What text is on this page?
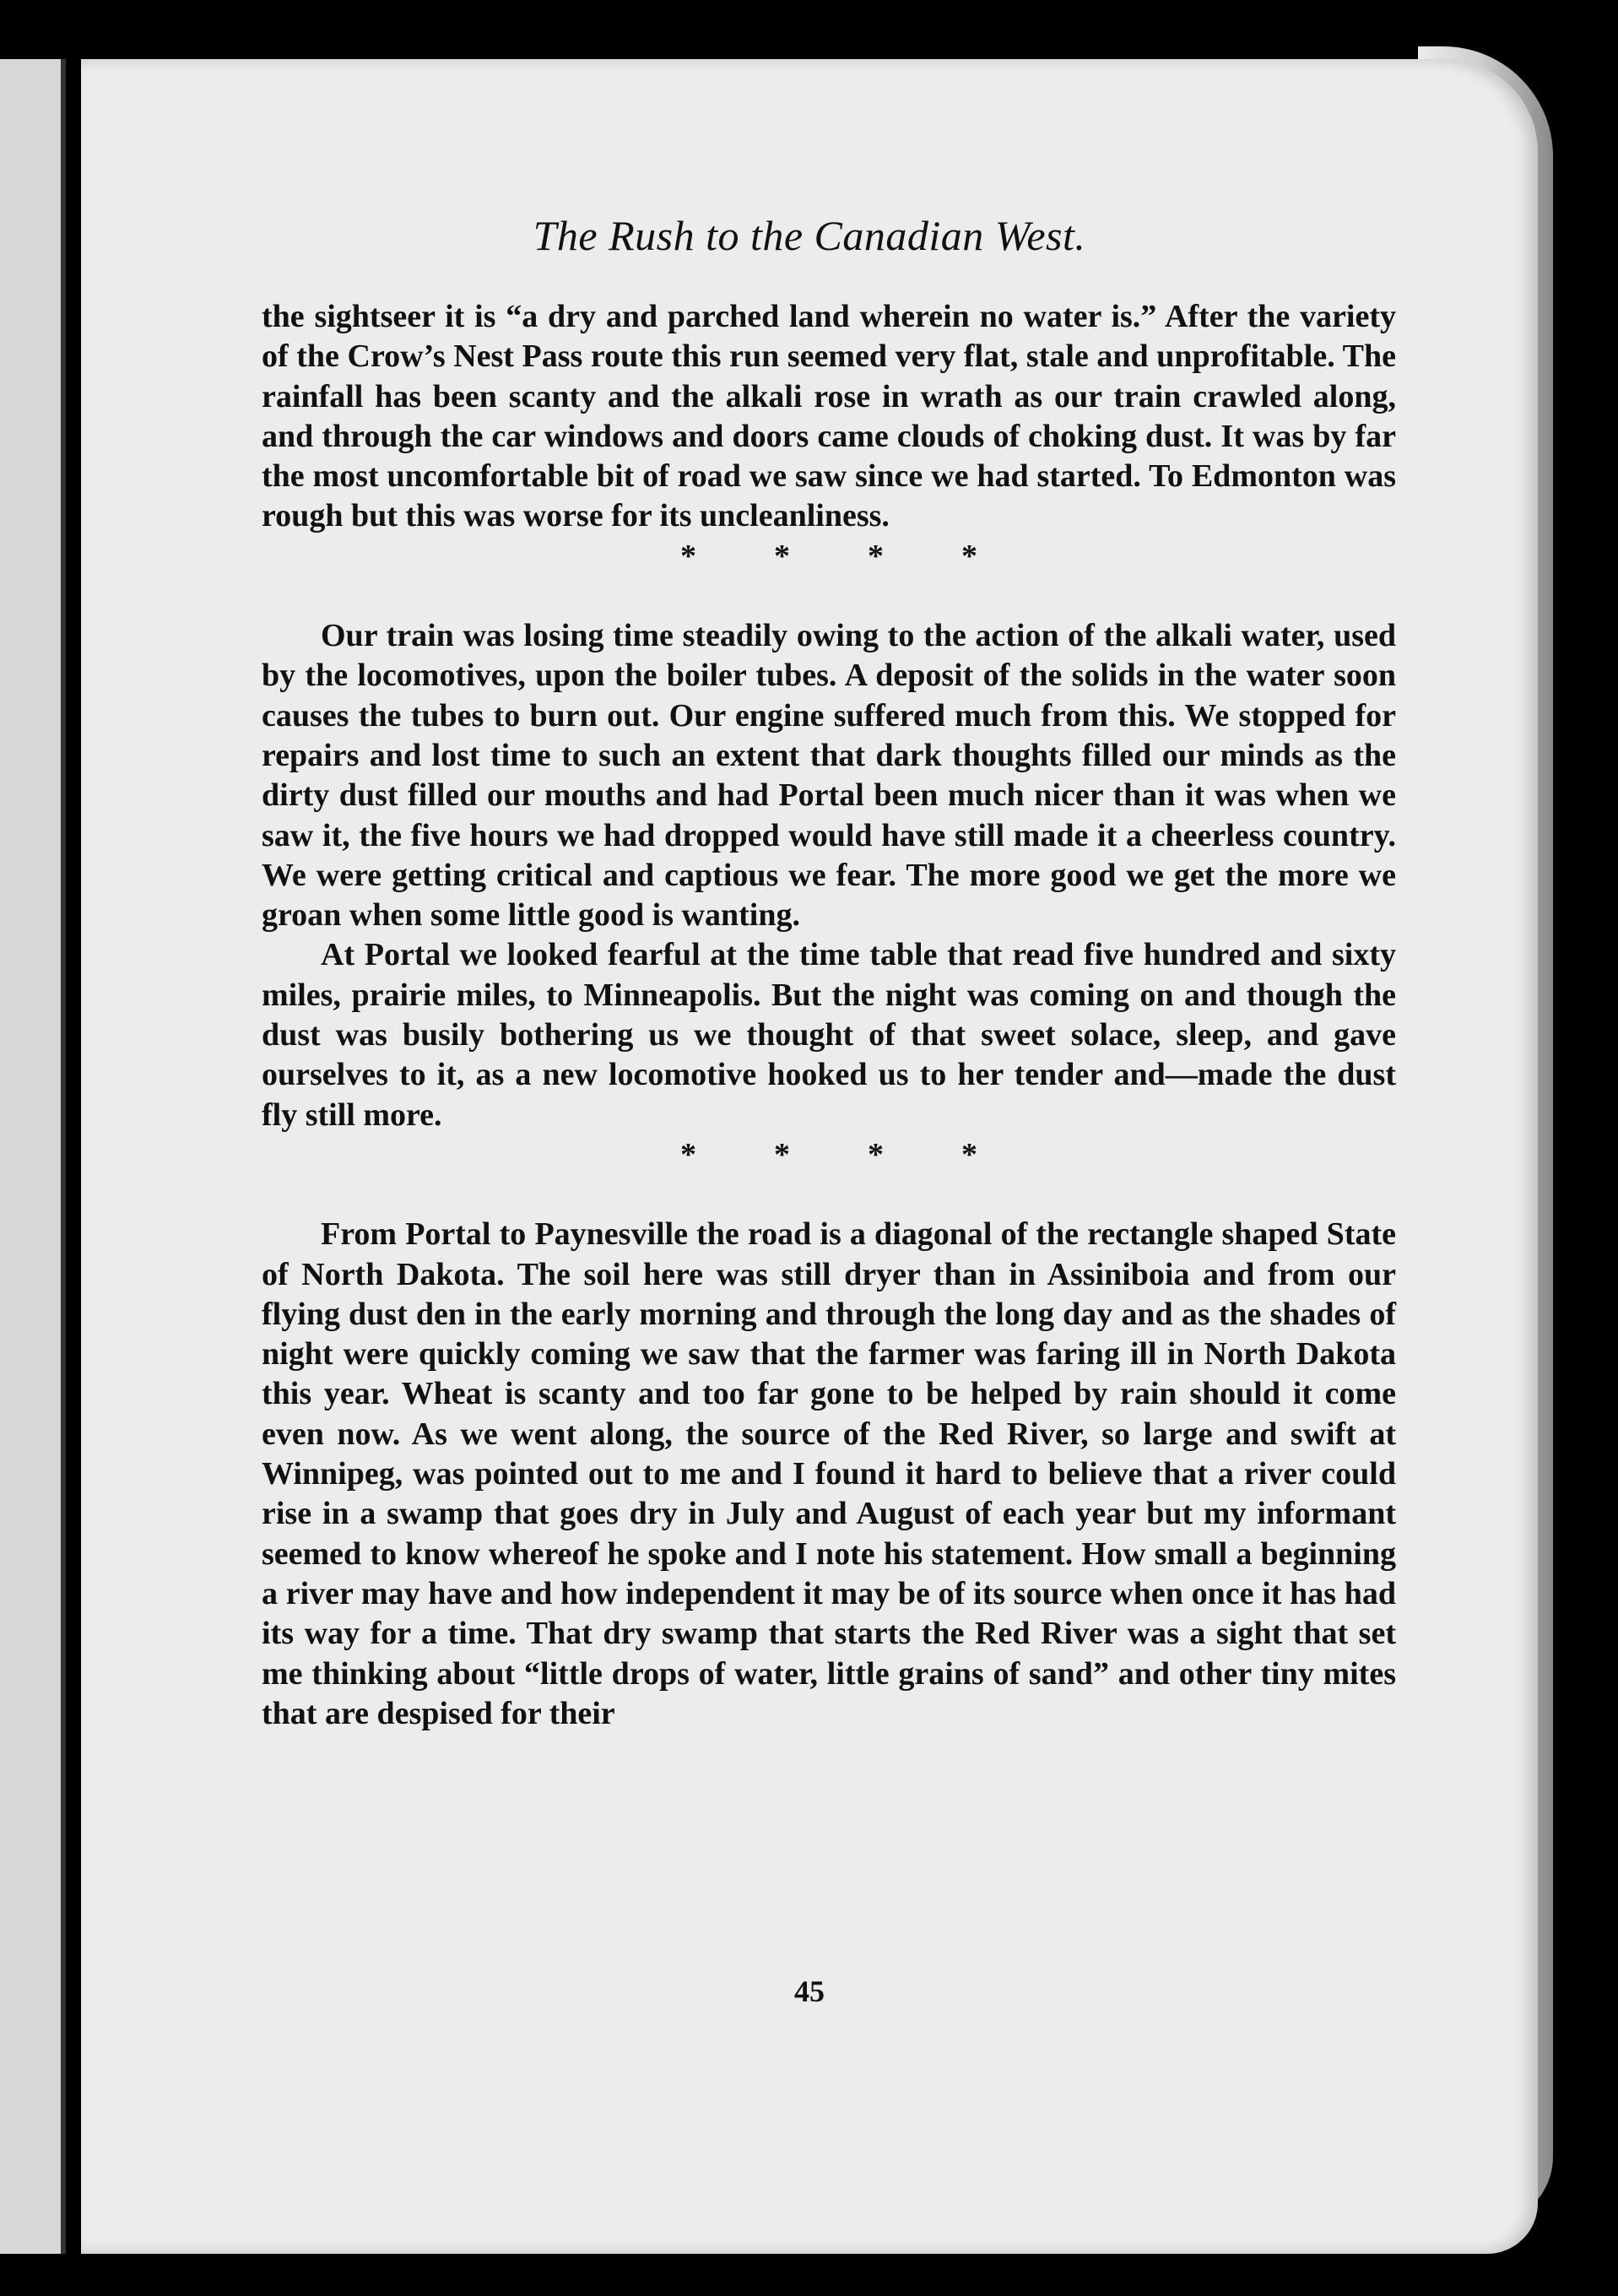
The Rush to the Canadian West.

the sightseer it is “a dry and parched land wherein no water is.” After the variety of the Crow’s Nest Pass route this run seemed very flat, stale and unprofitable. The rainfall has been scanty and the alkali rose in wrath as our train crawled along, and through the car windows and doors came clouds of choking dust. It was by far the most uncomfortable bit of road we saw since we had started. To Edmonton was rough but this was worse for its uncleanliness.

* * * *

Our train was losing time steadily owing to the action of the alkali water, used by the locomotives, upon the boiler tubes. A deposit of the solids in the water soon causes the tubes to burn out. Our engine suffered much from this. We stopped for repairs and lost time to such an extent that dark thoughts filled our minds as the dirty dust filled our mouths and had Portal been much nicer than it was when we saw it, the five hours we had dropped would have still made it a cheerless country. We were getting critical and captious we fear. The more good we get the more we groan when some little good is wanting.

At Portal we looked fearful at the time table that read five hundred and sixty miles, prairie miles, to Minneapolis. But the night was coming on and though the dust was busily bothering us we thought of that sweet solace, sleep, and gave ourselves to it, as a new locomotive hooked us to her tender and—made the dust fly still more.

* * * *

From Portal to Paynesville the road is a diagonal of the rectangle shaped State of North Dakota. The soil here was still dryer than in Assiniboia and from our flying dust den in the early morning and through the long day and as the shades of night were quickly coming we saw that the farmer was faring ill in North Dakota this year. Wheat is scanty and too far gone to be helped by rain should it come even now. As we went along, the source of the Red River, so large and swift at Winnipeg, was pointed out to me and I found it hard to believe that a river could rise in a swamp that goes dry in July and August of each year but my informant seemed to know whereof he spoke and I note his statement. How small a beginning a river may have and how independent it may be of its source when once it has had its way for a time. That dry swamp that starts the Red River was a sight that set me thinking about “little drops of water, little grains of sand” and other tiny mites that are despised for their

45
